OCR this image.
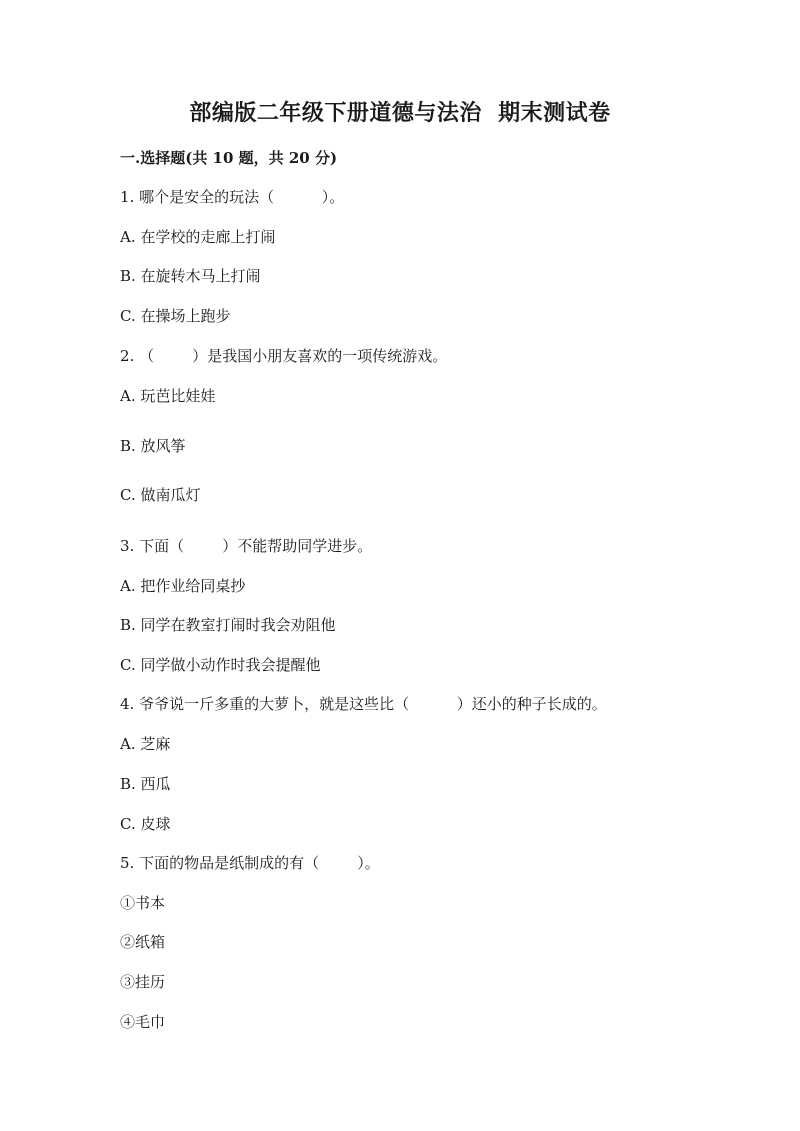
部编版二年级下册道德与法治  期末测试卷
一.选择题(共 10 题，共 20 分)
1. 哪个是安全的玩法（          ）。
A. 在学校的走廊上打闹
B. 在旋转木马上打闹
C. 在操场上跑步
2. （        ）是我国小朋友喜欢的一项传统游戏。
A. 玩芭比娃娃
B. 放风筝
C. 做南瓜灯
3. 下面（        ）不能帮助同学进步。
A. 把作业给同桌抄
B. 同学在教室打闹时我会劝阻他
C. 同学做小动作时我会提醒他
4. 爷爷说一斤多重的大萝卜，就是这些比（          ）还小的种子长成的。
A. 芝麻
B. 西瓜
C. 皮球
5. 下面的物品是纸制成的有（        ）。
①书本
②纸箱
③挂历
④毛巾
